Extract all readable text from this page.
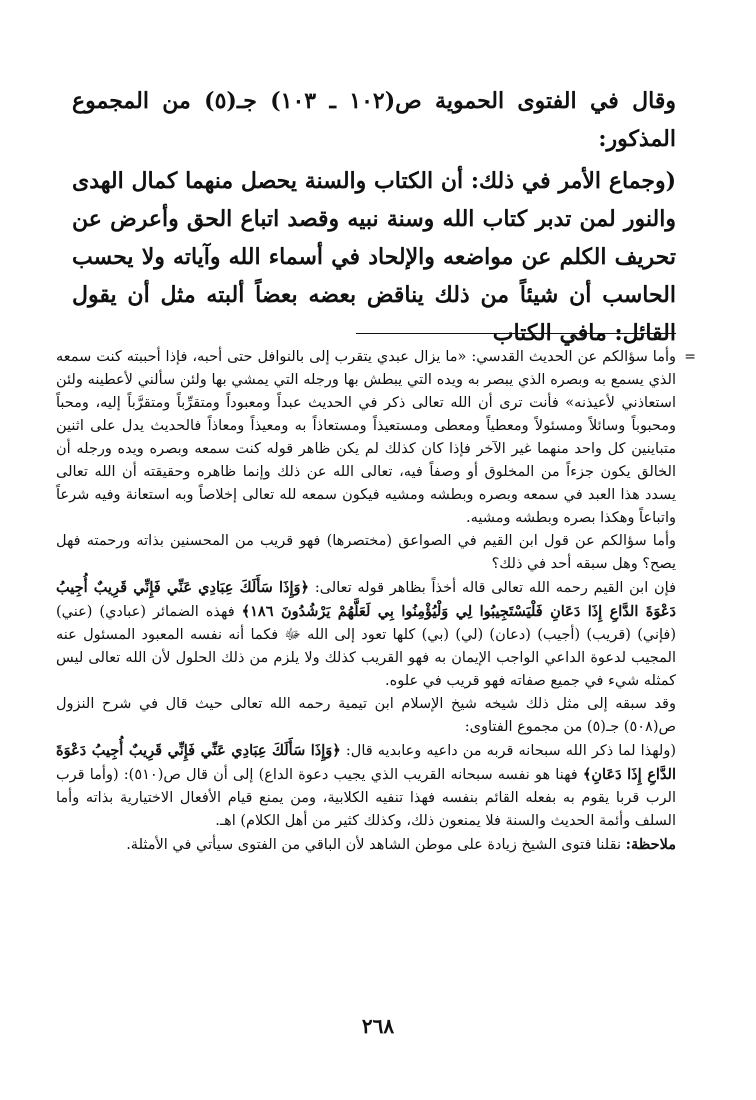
وقال في الفتوى الحموية ص(١٠٢ ـ ١٠٣) جـ(٥) من المجموع المذكور:

(وجماع الأمر في ذلك: أن الكتاب والسنة يحصل منهما كمال الهدى والنور لمن تدبر كتاب الله وسنة نبيه وقصد اتباع الحق وأعرض عن تحريف الكلم عن مواضعه والإلحاد في أسماء الله وآياته ولا يحسب الحاسب أن شيئاً من ذلك يناقض بعضه بعضاً ألبته مثل أن يقول القائل: مافي الكتاب

=

وأما سؤالكم عن الحديث القدسي: «ما يزال عبدي يتقرب إلى بالنوافل حتى أحبه، فإذا أحببته كنت سمعه الذي يسمع به وبصره الذي يبصر به ويده التي يبطش بها ورجله التي يمشي بها ولئن سألني لأعطينه ولئن استعاذني لأعيذنه» فأنت ترى أن الله تعالى ذكر في الحديث عبداً ومعبوداً ومتقرِّباً ومتقرَّباً إليه، ومحباً ومحبوباً وسائلاً ومسئولاً ومعطياً ومعطى ومستعيذاً ومستعاذاً به ومعيذاً ومعاذاً فالحديث يدل على اثنين متباينين كل واحد منهما غير الآخر فإذا كان كذلك لم يكن ظاهر قوله كنت سمعه وبصره ويده ورجله أن الخالق يكون جزءاً من المخلوق أو وصفاً فيه، تعالى الله عن ذلك وإنما ظاهره وحقيقته أن الله تعالى يسدد هذا العبد في سمعه وبصره وبطشه ومشيه فيكون سمعه لله تعالى إخلاصاً وبه استعانة وفيه شرعاً واتباعاً وهكذا بصره وبطشه ومشيه.

وأما سؤالكم عن قول ابن القيم في الصواعق (مختصرها) فهو قريب من المحسنين بذاته ورحمته فهل يصح؟ وهل سبقه أحد في ذلك؟

فإن ابن القيم رحمه الله تعالى قاله أخذاً بظاهر قوله تعالى: ﴿وَإِذَا سَأَلَكَ عِبَادِي عَنِّي فَإِنِّي قَرِيبٌ أُجِيبُ دَعْوَةَ الدَّاعِ إِذَا دَعَانِ فَلْيَسْتَجِيبُوا لِي وَلْيُؤْمِنُوا بِي لَعَلَّهُمْ يَرْشُدُونَ ١٨٦﴾ فهذه الضمائر (عبادي) (عني) (فإني) (قريب) (أجيب) (دعان) (لي) (بي) كلها تعود إلى الله ﷻ فكما أنه نفسه المعبود المسئول عنه المجيب لدعوة الداعي الواجب الإيمان به فهو القريب كذلك ولا يلزم من ذلك الحلول لأن الله تعالى ليس كمثله شيء في جميع صفاته فهو قريب في علوه.

وقد سبقه إلى مثل ذلك شيخه شيخ الإسلام ابن تيمية رحمه الله تعالى حيث قال في شرح النزول ص(٥٠٨) جـ(٥) من مجموع الفتاوى:

(ولهذا لما ذكر الله سبحانه قربه من داعيه وعابديه قال: ﴿وَإِذَا سَأَلَكَ عِبَادِي عَنِّي فَإِنِّي قَرِيبٌ أُجِيبُ دَعْوَةَ الدَّاعِ إِذَا دَعَانِ﴾ فهنا هو نفسه سبحانه القريب الذي يجيب دعوة الداع) إلى أن قال ص(٥١٠): (وأما قرب الرب قربا يقوم به بفعله القائم بنفسه فهذا تنفيه الكلابية، ومن يمنع قيام الأفعال الاختيارية بذاته وأما السلف وأئمة الحديث والسنة فلا يمنعون ذلك، وكذلك كثير من أهل الكلام) اهـ.

ملاحظة: نقلنا فتوى الشيخ زيادة على موطن الشاهد لأن الباقي من الفتوى سيأتي في الأمثلة.

٢٦٨
